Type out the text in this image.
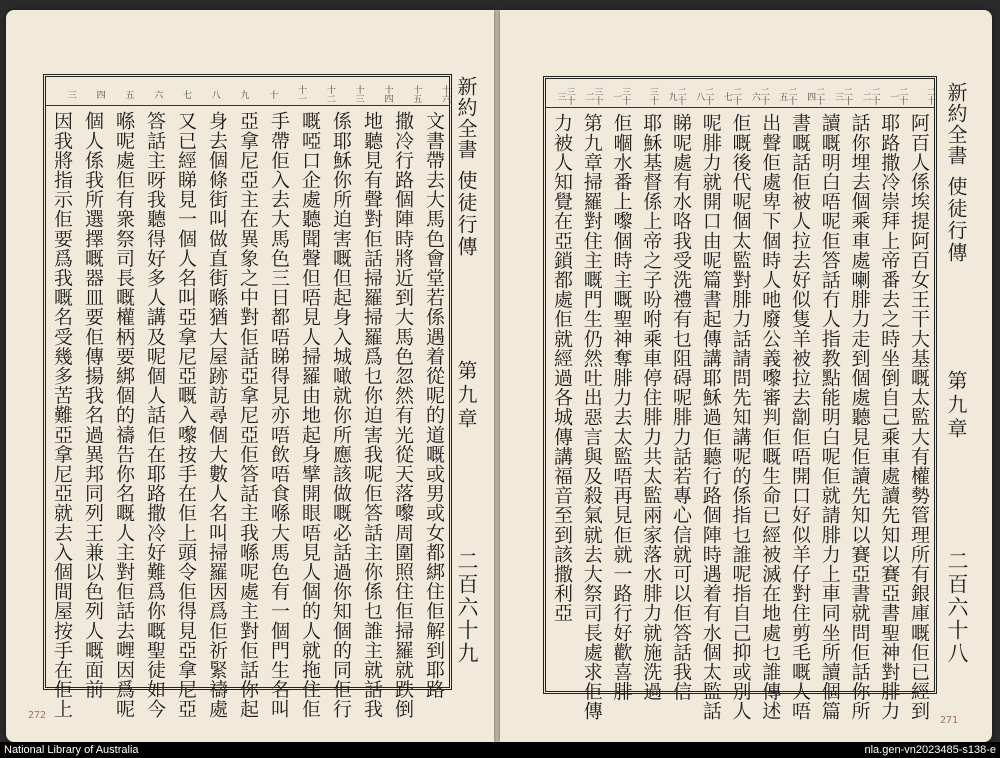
十六
十五
十四
十三
十二
十一
十
九
八
七
六
五
四
三
文書帶去大馬色會堂若係遇着從呢的道嘅或男或女都綁住佢解到耶路
撒冷行路個陣時將近到大馬色忽然有光從天落嚟周圍照住佢掃羅就跌倒
地聽見有聲對佢話掃羅掃羅爲乜你迫害我呢佢答話主你係乜誰主就話我
係耶穌你所迫害嘅但起身入城噉就你所應該做嘅必話過你知個的同佢行
嘅啞口企處聽聞聲但唔見人掃羅由地起身擘開眼唔見人個的人就拖住佢
手帶佢入去大馬色三日都唔睇得見亦唔飲唔食喺大馬色有一個門生名叫
亞拿尼亞主在異象之中對佢話亞拿尼亞佢答話主我喺呢處主對佢話你起
身去個條街叫做直街喺猶大屋跡訪尋個大數人名叫掃羅因爲佢祈緊禱處
又已經睇見一個人名叫亞拿尼亞嘅入嚟按手在佢上頭令佢得見亞拿尼亞
答話主呀我聽得好多人講及呢個人話佢在耶路撒冷好難爲你嘅聖徒如今
喺呢處佢有衆祭司長嘅權柄要綁個的禱告你名嘅人主對佢話去𠹺因爲呢
個人係我所選擇嘅器皿要佢傳揚我名過異邦同列王兼以色列人嘅面前
因我將指示佢要爲我嘅名受幾多苦難亞拿尼亞就去入個間屋按手在佢上	新約全書
使徒行傳
第九章
二百六十九
272
二十
二十一
二十二
二十三
二十四
二十五
二十六
二十七
二十八
二十九
三十
三十一
三十二
三十三
阿百人係埃提阿百女王干大基嘅太監大有權勢管理所有銀庫嘅佢已經到
耶路撒冷崇拜上帝番去之時坐倒自己乘車處讀先知以賽亞書聖神對腓力
話你埋去個乘車處喇腓力走到個處聽見佢讀先知以賽亞書就問佢話你所
讀嘅明白唔呢佢答話冇人指教點能明白呢佢就請腓力上車同坐所讀個篇
書嘅話佢被人拉去好似隻羊被拉去劏佢唔開口好似羊仔對住剪毛嘅人唔
出聲佢處卑下個時人吔廢公義嚟審判佢嘅生命已經被滅在地處乜誰傳述
佢嘅後代呢個太監對腓力話請問先知講呢的係指乜誰呢指自己抑或別人
呢腓力就開口由呢篇書起傳講耶穌過佢聽行路個陣時遇着有水個太監話
睇呢處有水咯我受洗禮有乜阻碍呢腓力話若專心信就可以佢答話我信
耶穌基督係上帝之子吩咐乘車停住腓力共太監兩家落水腓力就施洗過
佢嗰水番上嚟個時主嘅聖神奪腓力去太監唔再見佢就一路行好歡喜腓
第九章掃羅對住主嘅門生仍然吐出惡言與及殺氣就去大祭司長處求佢傳
力被人知覺在亞鎖都處佢就經過各城傳講福音至到該撒利亞	新約全書
使徒行傳
第九章
二百六十八
271
National Library of Australia	nla.gen-vn2023485-s138-e
